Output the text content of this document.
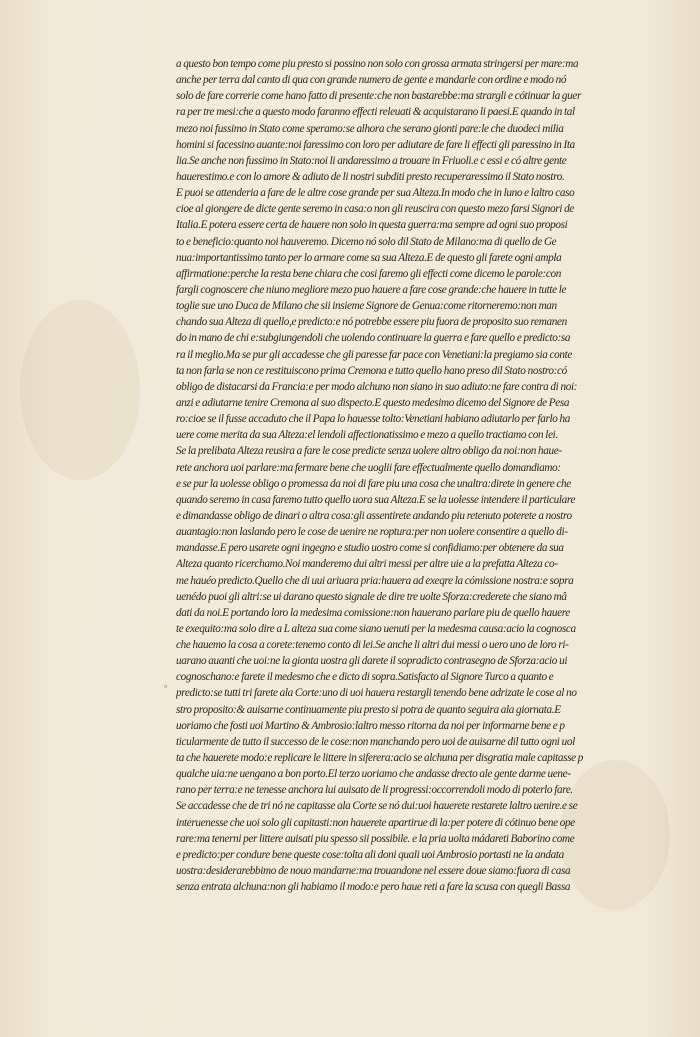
▫
a questo bon tempo come piu presto si possino non solo con grossa armata stringersi per mare:ma
anche per terra dal canto di qua con grande numero de gente e mandarle con ordine e modo nó
solo de fare correrie come hano fatto di presente:che non bastarebbe:ma strargli e cótinuar la guer
ra per tre mesi:che a questo modo faranno effecti releuati & acquistarano li paesi.E quando in tal
mezo noi fussimo in Stato come speramo:se alhora che serano gionti pare:le che duodeci milia
homini si facessino auante:noi faressimo con loro per adiutare de fare li effecti gli paressino in Ita
lia.Se anche non fussimo in Stato:noi li andaressimo a trouare in Friuoli.e c essi e có altre gente
hauerestimo.e con lo amore & adiuto de li nostri subditi presto recuperaressimo il Stato nostro.
E puoi se attenderia a fare de le altre cose grande per sua Alteza.In modo che in luno e laltro caso
cioe al giongere de dicte gente seremo in casa:o non gli reuscira con questo mezo farsi Signori de
Italia.E potera essere certa de hauere non solo in questa guerra:ma sempre ad ogni suo proposi
to e beneficio:quanto noi hauveremo. Dicemo nó solo dil Stato de Milano:ma di quello de Ge
nua:importantissimo tanto per lo armare come sa sua Alteza.E de questo gli farete ogni ampla
affirmatione:perche la resta bene chiara che cosi faremo gli effecti come dicemo le parole:con
fargli cognoscere che niuno megliore mezo puo hauere a fare cose grande:che hauere in tutte le
toglie sue uno Duca de Milano che sii insieme Signore de Genua:come ritorneremo:non man
chando sua Alteza di quello,e predicto:e nó potrebbe essere piu fuora de proposito suo remanen
do in mano de chi e:subgiungendoli che uolendo continuare la guerra e fare quello e predicto:sa
ra il meglio.Ma se pur gli accadesse che gli paresse far pace con Venetiani:la pregiamo sia conte
ta non farla se non ce restituiscono prima Cremona e tutto quello hano preso dil Stato nostro:có
obligo de distacarsi da Francia:e per modo alchuno non siano in suo adiuto:ne fare contra di noi:
anzi e adiutarne tenire Cremona al suo dispecto.E questo medesimo dicemo del Signore de Pesa
ro:cioe se il fusse accaduto che il Papa lo hauesse tolto:Venetiani habiano adiutarlo per farlo ha
uere come merita da sua Alteza:el lendoli affectionatissimo e mezo a quello tractiamo con lei.
Se la prelibata Alteza reusira a fare le cose predicte senza uolere altro obligo da noi:non haue-
rete anchora uoi parlare:ma fermare bene che uoglii fare effectualmente quello domandiamo:
e se pur la uolesse obligo o promessa da noi di fare piu una cosa che unaltra:direte in genere che
quando seremo in casa faremo tutto quello uora sua Alteza.E se la uolesse intendere il particulare
e dimandasse obligo de dinari o altra cosa:gli assentirete andando piu retenuto poterete a nostro
auantagio:non laslando pero le cose de uenire ne roptura:per non uolere consentire a quello di-
mandasse.E pero usarete ogni ingegno e studio uostro come si confidiamo:per obtenere da sua
Alteza quanto ricerchamo.Noi manderemo dui altri messi per altre uie a la prefatta Alteza co-
me hauéo predicto.Quello che di uui ariuara pria:hauera ad exeqre la cómissione nostra:e sopra
uenédo puoi gli altri:se ui darano questo signale de dire tre uolte Sforza:crederete che siano mâ
dati da noi.E portando loro la medesima comissione:non hauerano parlare piu de quello hauere
te exequito:ma solo dire a L alteza sua come siano uenuti per la medesma causa:acio la cognosca
che hauemo la cosa a corete:tenemo conto di lei.Se anche li altri dui messi o uero uno de loro ri-
uarano auanti che uoi:ne la gionta uostra gli darete il sopradicto contrasegno de Sforza:acio ui
cognoschano:e farete il medesmo che e dicto di sopra.Satisfacto al Signore Turco a quanto e
predicto:se tutti tri farete ala Corte:uno di uoi hauera restargli tenendo bene adrizate le cose al no
stro proposito:& auisarne continuamente piu presto si potra de quanto seguira ala giornata.E
uoriamo che fosti uoi Martino & Ambrosio:laltro messo ritorna da noi per informarne bene e p
ticularmente de tutto il successo de le cose:non manchando pero uoi de auisarne dil tutto ogni uol
ta che hauerete modo:e replicare le littere in siferera:acio se alchuna per disgratia male capitasse p
qualche uia:ne uengano a bon porto.El terzo uoriamo che andasse drecto ale gente darme uene-
rano per terra:e ne tenesse anchora lui auisato de li progressi:occorrendoli modo di poterlo fare.
Se accadesse che de tri nó ne capitasse ala Corte se nó dui:uoi hauerete restarete laltro uenire.e se
interuenesse che uoi solo gli capitasti:non hauerete apartirue di la:per potere di cótinuo bene ope
rare:ma tenerni per littere auisati piu spesso sii possibile. e la pria uolta mádareti Baborino come
e predicto:per condure bene queste cose:tolta ali doni quali uoi Ambrosio portasti ne la andata
uostra:desiderarebbimo de nouo mandarne:ma trouandone nel essere doue siamo:fuora di casa
senza entrata alchuna:non gli habiamo il modo:e pero haue reti a fare la scusa con quegli Bassa
